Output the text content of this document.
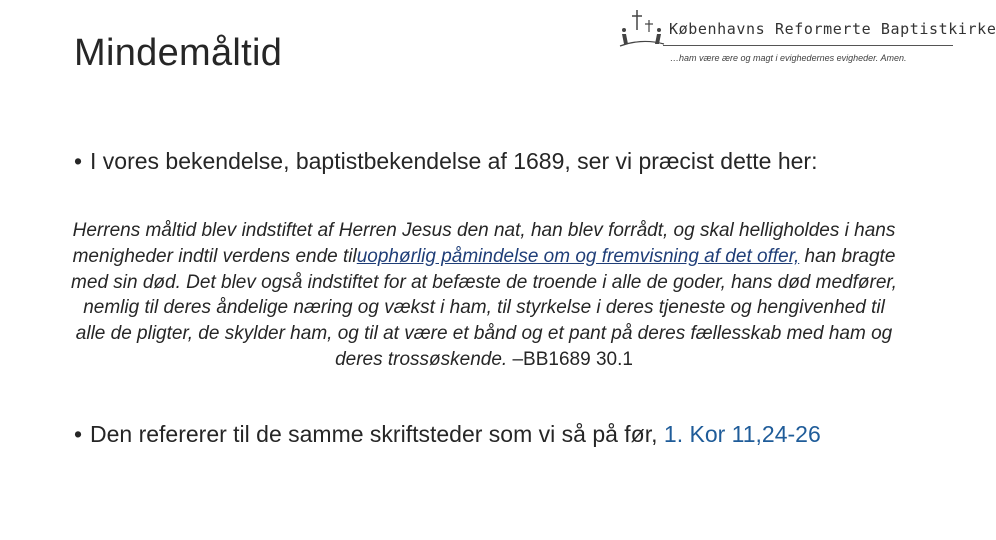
Mindemåltid
Københavns Reformerte Baptistkirke
…ham være ære og magt i evighedernes evigheder. Amen.
• I vores bekendelse, baptistbekendelse af 1689, ser vi præcist dette her:
Herrens måltid blev indstiftet af Herren Jesus den nat, han blev forrådt, og skal helligholdes i hans menigheder indtil verdens ende tiluophørlig påmindelse om og fremvisning af det offer, han bragte med sin død. Det blev også indstiftet for at befæste de troende i alle de goder, hans død medfører, nemlig til deres åndelige næring og vækst i ham, til styrkelse i deres tjeneste og hengivenhed til alle de pligter, de skylder ham, og til at være et bånd og et pant på deres fællesskab med ham og deres trossøskende. –BB1689 30.1
• Den refererer til de samme skriftsteder som vi så på før, 1. Kor 11,24-26
